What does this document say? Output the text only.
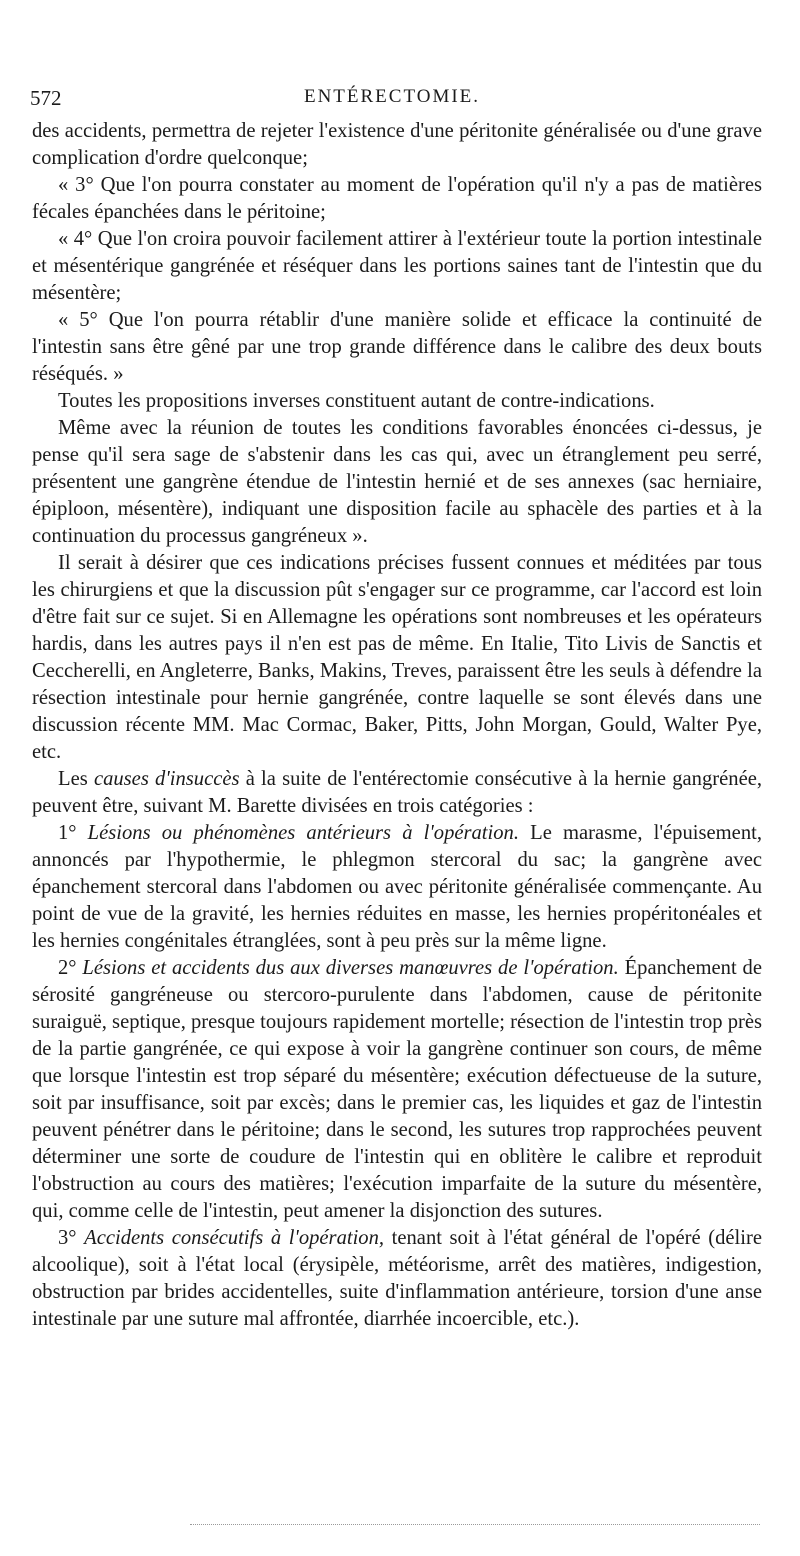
572	ENTÉRECTOMIE.

des accidents, permettra de rejeter l'existence d'une péritonite généralisée ou d'une grave complication d'ordre quelconque;

« 3° Que l'on pourra constater au moment de l'opération qu'il n'y a pas de matières fécales épanchées dans le péritoine;

« 4° Que l'on croira pouvoir facilement attirer à l'extérieur toute la portion intestinale et mésentérique gangrénée et réséquer dans les portions saines tant de l'intestin que du mésentère;

« 5° Que l'on pourra rétablir d'une manière solide et efficace la continuité de l'intestin sans être gêné par une trop grande différence dans le calibre des deux bouts réséqués. »

Toutes les propositions inverses constituent autant de contre-indications.

Même avec la réunion de toutes les conditions favorables énoncées ci-dessus, je pense qu'il sera sage de s'abstenir dans les cas qui, avec un étranglement peu serré, présentent une gangrène étendue de l'intestin hernié et de ses annexes (sac herniaire, épiploon, mésentère), indiquant une disposition facile au sphacèle des parties et à la continuation du processus gangréneux ».

Il serait à désirer que ces indications précises fussent connues et méditées par tous les chirurgiens et que la discussion pût s'engager sur ce programme, car l'accord est loin d'être fait sur ce sujet. Si en Allemagne les opérations sont nombreuses et les opérateurs hardis, dans les autres pays il n'en est pas de même. En Italie, Tito Livis de Sanctis et Ceccherelli, en Angleterre, Banks, Makins, Treves, paraissent être les seuls à défendre la résection intestinale pour hernie gangrénée, contre laquelle se sont élevés dans une discussion récente MM. Mac Cormac, Baker, Pitts, John Morgan, Gould, Walter Pye, etc.

Les causes d'insuccès à la suite de l'entérectomie consécutive à la hernie gangrénée, peuvent être, suivant M. Barette divisées en trois catégories :

1° Lésions ou phénomènes antérieurs à l'opération. Le marasme, l'épuisement, annoncés par l'hypothermie, le phlegmon stercoral du sac; la gangrène avec épanchement stercoral dans l'abdomen ou avec péritonite généralisée commençante. Au point de vue de la gravité, les hernies réduites en masse, les hernies propéritonéales et les hernies congénitales étranglées, sont à peu près sur la même ligne.

2° Lésions et accidents dus aux diverses manœuvres de l'opération. Épanchement de sérosité gangréneuse ou stercoro-purulente dans l'abdomen, cause de péritonite suraiguë, septique, presque toujours rapidement mortelle; résection de l'intestin trop près de la partie gangrénée, ce qui expose à voir la gangrène continuer son cours, de même que lorsque l'intestin est trop séparé du mésentère; exécution défectueuse de la suture, soit par insuffisance, soit par excès; dans le premier cas, les liquides et gaz de l'intestin peuvent pénétrer dans le péritoine; dans le second, les sutures trop rapprochées peuvent déterminer une sorte de coudure de l'intestin qui en oblitère le calibre et reproduit l'obstruction au cours des matières; l'exécution imparfaite de la suture du mésentère, qui, comme celle de l'intestin, peut amener la disjonction des sutures.

3° Accidents consécutifs à l'opération, tenant soit à l'état général de l'opéré (délire alcoolique), soit à l'état local (érysipèle, météorisme, arrêt des matières, indigestion, obstruction par brides accidentelles, suite d'inflammation antérieure, torsion d'une anse intestinale par une suture mal affrontée, diarrhée incoercible, etc.).
